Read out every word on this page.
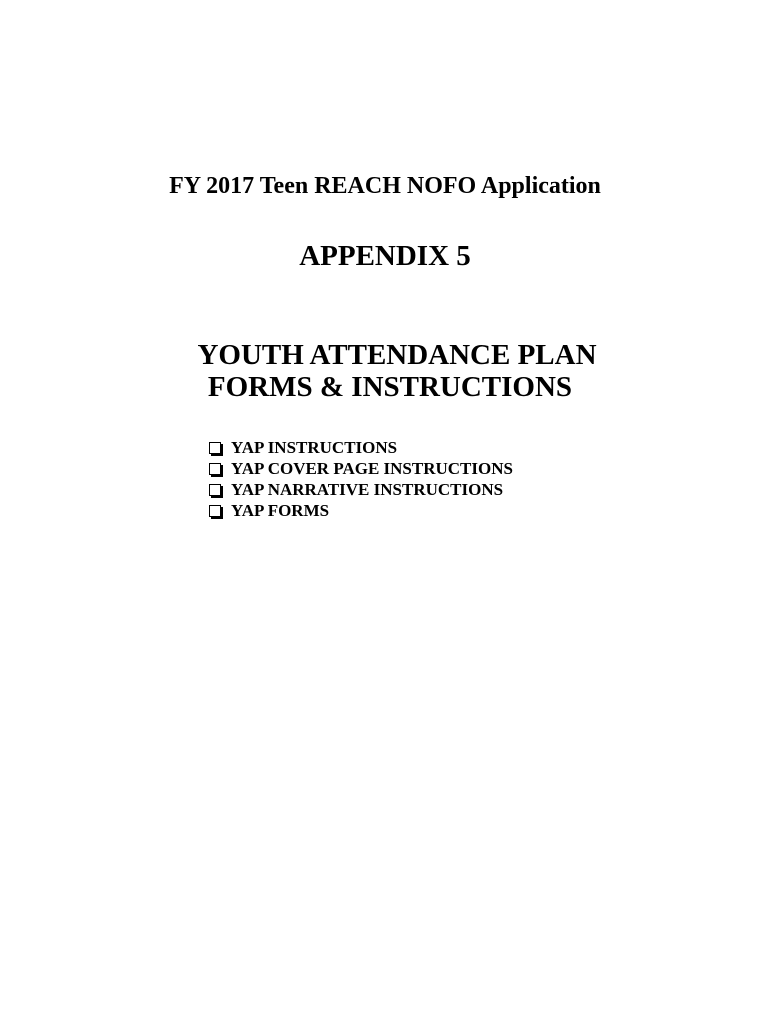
FY 2017 Teen REACH NOFO Application
APPENDIX 5
YOUTH ATTENDANCE PLAN
FORMS & INSTRUCTIONS
YAP INSTRUCTIONS
YAP COVER PAGE INSTRUCTIONS
YAP NARRATIVE INSTRUCTIONS
YAP FORMS
